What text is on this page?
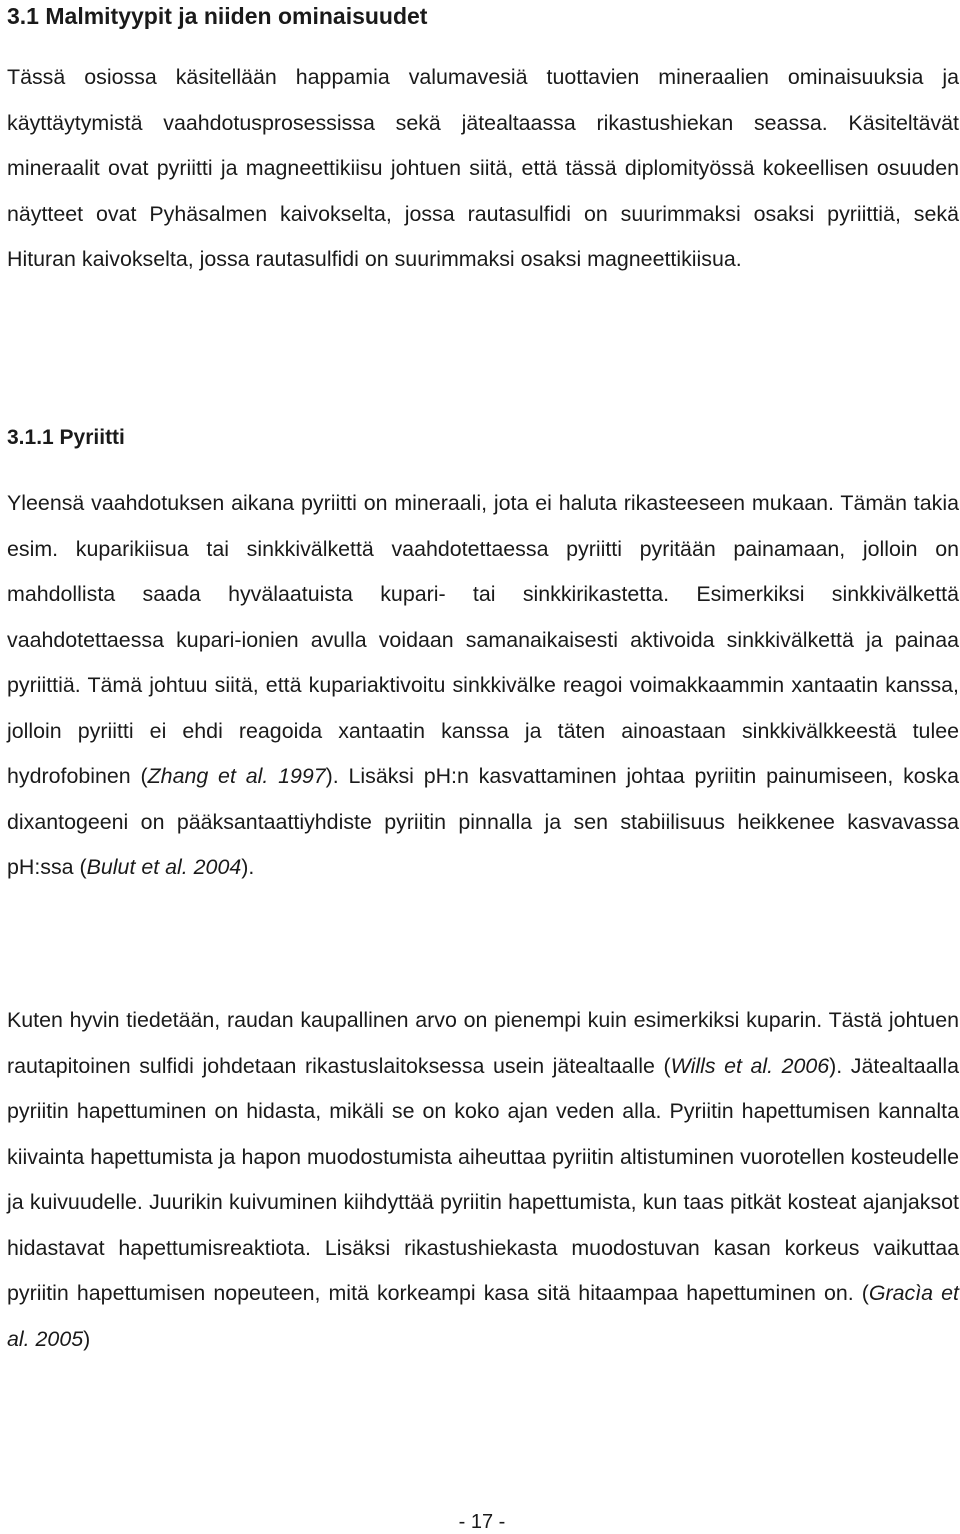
3.1 Malmityypit ja niiden ominaisuudet

Tässä osiossa käsitellään happamia valumavesiä tuottavien mineraalien ominaisuuksia ja käyttäytymistä vaahdotusprosessissa sekä jätealtaassa rikastushiekan seassa. Käsiteltävät mineraalit ovat pyriitti ja magneettikiisu johtuen siitä, että tässä diplomityössä kokeellisen osuuden näytteet ovat Pyhäsalmen kaivokselta, jossa rautasulfidi on suurimmaksi osaksi pyriittiä, sekä Hituran kaivokselta, jossa rautasulfidi on suurimmaksi osaksi magneettikiisua.

3.1.1 Pyriitti

Yleensä vaahdotuksen aikana pyriitti on mineraali, jota ei haluta rikasteeseen mukaan. Tämän takia esim. kuparikiisua tai sinkkivälkettä vaahdotettaessa pyriitti pyritään painamaan, jolloin on mahdollista saada hyvälaatuista kupari- tai sinkkirikastetta. Esimerkiksi sinkkivälkettä vaahdotettaessa kupari-ionien avulla voidaan samanaikaisesti aktivoida sinkkivälkettä ja painaa pyriittiä. Tämä johtuu siitä, että kupariaktivoitu sinkkivälke reagoi voimakkaammin xantaatin kanssa, jolloin pyriitti ei ehdi reagoida xantaatin kanssa ja täten ainoastaan sinkkivälkkeestä tulee hydrofobinen (Zhang et al. 1997). Lisäksi pH:n kasvattaminen johtaa pyriitin painumiseen, koska dixantogeeni on pääksantaattiyhdiste pyriitin pinnalla ja sen stabiilisuus heikkenee kasvavassa pH:ssa (Bulut et al. 2004).

Kuten hyvin tiedetään, raudan kaupallinen arvo on pienempi kuin esimerkiksi kuparin. Tästä johtuen rautapitoinen sulfidi johdetaan rikastuslaitoksessa usein jätealtaalle (Wills et al. 2006). Jätealtaalla pyriitin hapettuminen on hidasta, mikäli se on koko ajan veden alla. Pyriitin hapettumisen kannalta kiivainta hapettumista ja hapon muodostumista aiheuttaa pyriitin altistuminen vuorotellen kosteudelle ja kuivuudelle. Juurikin kuivuminen kiihdyttää pyriitin hapettumista, kun taas pitkät kosteat ajanjaksot hidastavat hapettumisreaktiota. Lisäksi rikastushiekasta muodostuvan kasan korkeus vaikuttaa pyriitin hapettumisen nopeuteen, mitä korkeampi kasa sitä hitaampaa hapettuminen on. (Gracìa et al. 2005)

- 17 -
